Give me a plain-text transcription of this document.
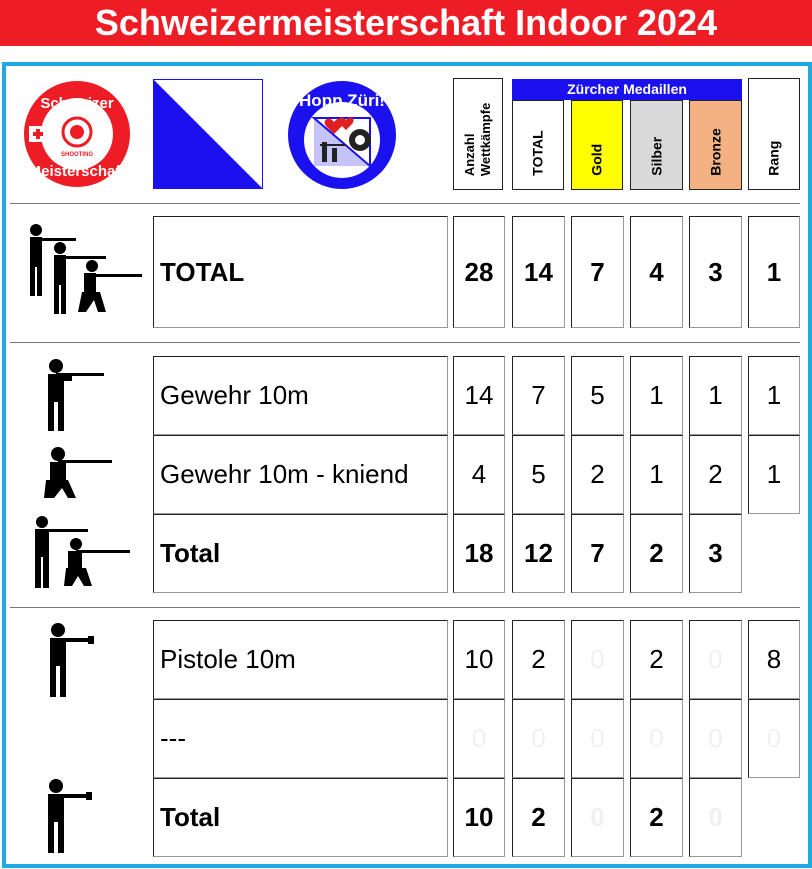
Schweizermeisterschaft Indoor 2024
Schweizer
Meisterschaft
SHOOTING
Hopp Züri!
Anzahl Wettkämpfe
Zürcher Medaillen
TOTAL	Gold	Silber	Bronze	Rang
TOTAL	28	14	7	4	3	1
Gewehr 10m	14	7	5	1	1	1
Gewehr 10m - kniend	4	5	2	1	2	1
Total	18	12	7	2	3
Pistole 10m	10	2	0	2	0	8
---	0	0	0	0	0	0
Total	10	2	0	2	0
